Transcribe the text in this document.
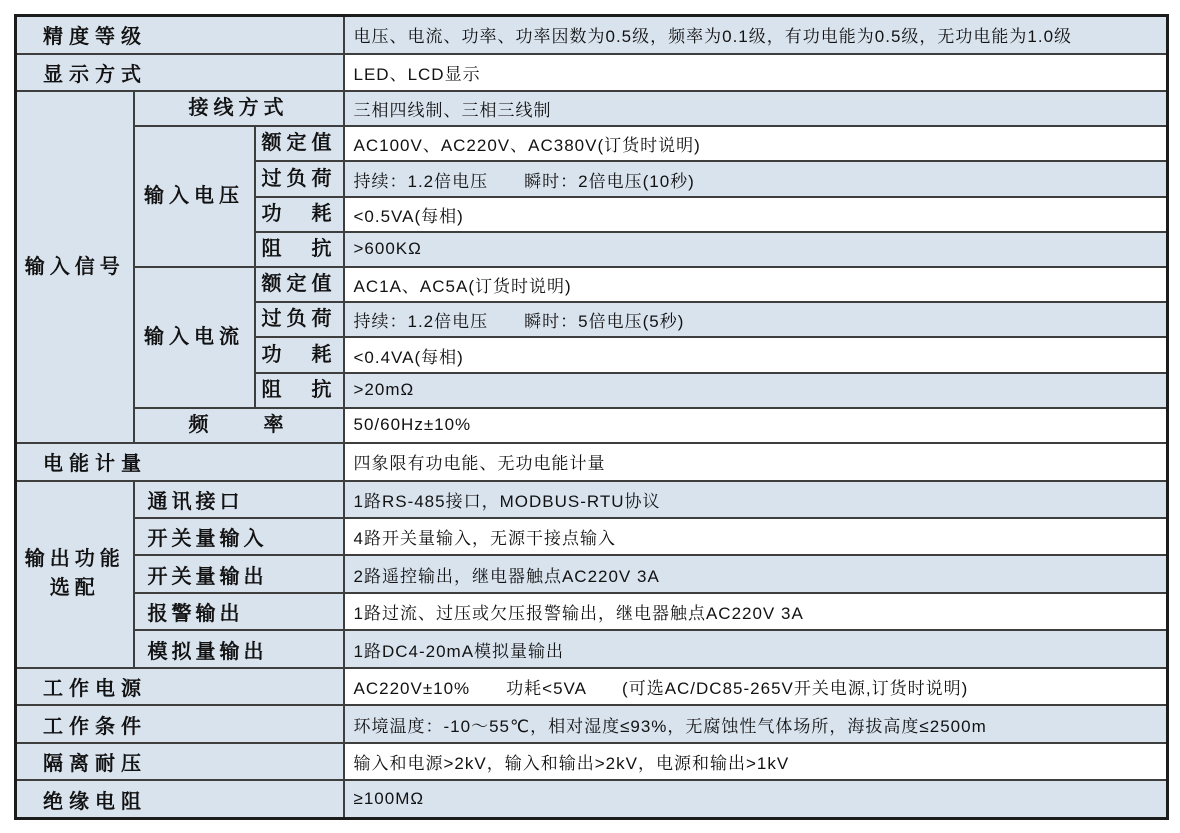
精度等级			电压、电流、功率、功率因数为0.5级，频率为0.1级，有功电能为0.5级，无功电能为1.0级
显示方式			LED、LCD显示
输入信号	接线方式		三相四线制、三相三线制
	输入电压	额定值	AC100V、AC220V、AC380V(订货时说明)
		过负荷	持续：1.2倍电压　　瞬时：2倍电压(10秒)
		功　耗	<0.5VA(每相)
		阻　抗	>600KΩ
	输入电流	额定值	AC1A、AC5A(订货时说明)
		过负荷	持续：1.2倍电压　　瞬时：5倍电压(5秒)
		功　耗	<0.4VA(每相)
		阻　抗	>20mΩ
	频　　率		50/60Hz±10%
电能计量			四象限有功电能、无功电能计量
输出功能选配	通讯接口		1路RS-485接口，MODBUS-RTU协议
	开关量输入		4路开关量输入，无源干接点输入
	开关量输出		2路遥控输出，继电器触点AC220V 3A
	报警输出		1路过流、过压或欠压报警输出，继电器触点AC220V 3A
	模拟量输出		1路DC4-20mA模拟量输出
工作电源			AC220V±10%　　功耗<5VA　　(可选AC/DC85-265V开关电源,订货时说明)
工作条件			环境温度：-10～55℃，相对湿度≤93%，无腐蚀性气体场所，海拔高度≤2500m
隔离耐压			输入和电源>2kV，输入和输出>2kV，电源和输出>1kV
绝缘电阻			≥100MΩ
